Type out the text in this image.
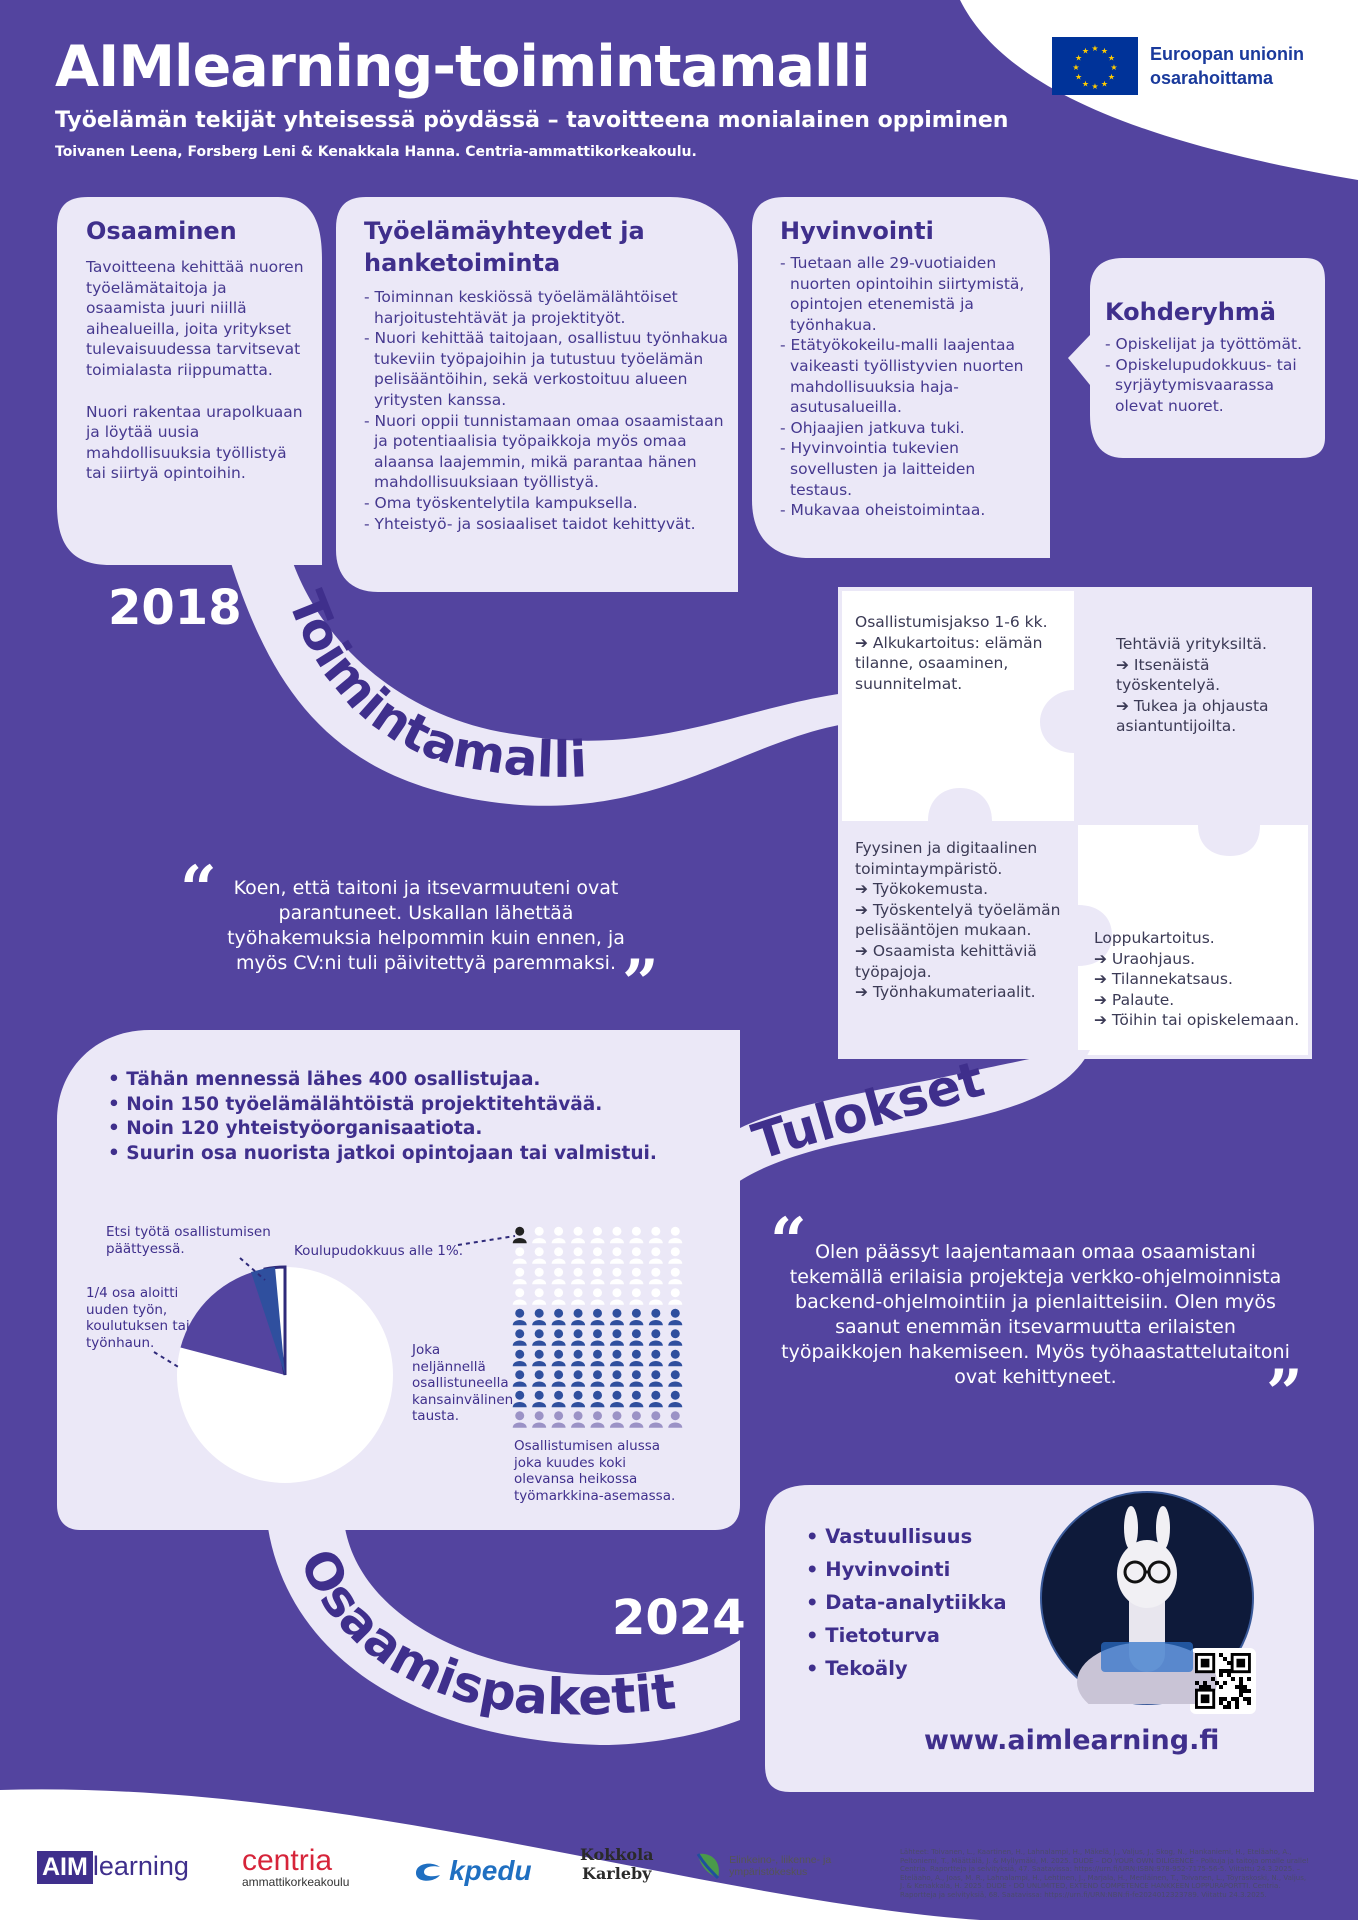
AIMlearning-toimintamalli
Työelämän tekijät yhteisessä pöydässä – tavoitteena monialainen oppiminen
Toivanen Leena, Forsberg Leni & Kenakkala Hanna. Centria-ammattikorkeakoulu.
★ ★
★
★
★
★
★
★
★
★
★
★	Euroopan unionin
osarahoittama
Osaaminen
Tavoitteena kehittää nuoren työelämätaitoja ja osaamista juuri niillä aihealueilla, joita yritykset tulevaisuudessa tarvitsevat toimialasta riippumatta.
Nuori rakentaa urapolkuaan ja löytää uusia mahdollisuuksia työllistyä tai siirtyä opintoihin.
Työelämäyhteydet ja hanketoiminta
- Toiminnan keskiössä työelämälähtöiset harjoitustehtävät ja projektityöt.
- Nuori kehittää taitojaan, osallistuu työnhakua tukeviin työpajoihin ja tutustuu työelämän pelisääntöihin, sekä verkostoituu alueen yritysten kanssa.
- Nuori oppii tunnistamaan omaa osaamistaan ja potentiaalisia työpaikkoja myös omaa alaansa laajemmin, mikä parantaa hänen mahdollisuuksiaan työllistyä.
- Oma työskentelytila kampuksella.
- Yhteistyö- ja sosiaaliset taidot kehittyvät.
Hyvinvointi
- Tuetaan alle 29-vuotiaiden nuorten opintoihin siirtymistä, opintojen etenemistä ja työnhakua.
- Etätyökokeilu-malli laajentaa vaikeasti työllistyvien nuorten mahdollisuuksia haja-asutusalueilla.
- Ohjaajien jatkuva tuki.
- Hyvinvointia tukevien sovellusten ja laitteiden testaus.
- Mukavaa oheistoimintaa.
Kohderyhmä
- Opiskelijat ja työttömät.
- Opiskelupudokkuus- tai syrjäytymisvaarassa olevat nuoret.
2018 Toimintamalli
Tulokset
Osaamispaketit
“ Koen, että taitoni ja itsevarmuuteni ovat parantuneet. Uskallan lähettää työhakemuksia helpommin kuin ennen, ja myös CV:ni tuli päivitettyä paremmaksi. ”
Osallistumisjakso 1-6 kk.
➔ Alkukartoitus: elämän tilanne, osaaminen, suunnitelmat.
Tehtäviä yrityksiltä.
➔ Itsenäistä työskentelyä.
➔ Tukea ja ohjausta asiantuntijoilta.
Fyysinen ja digitaalinen toimintaympäristö.
➔ Työkokemusta.
➔ Työskentelyä työelämän pelisääntöjen mukaan.
➔ Osaamista kehittäviä työpajoja.
➔ Työnhakumateriaalit.
Loppukartoitus.
➔ Uraohjaus.
➔ Tilannekatsaus.
➔ Palaute.
➔ Töihin tai opiskelemaan.
• Tähän mennessä lähes 400 osallistujaa.
• Noin 150 työelämälähtöistä projektitehtävää.
• Noin 120 yhteistyöorganisaatiota.
• Suurin osa nuorista jatkoi opintojaan tai valmistui.
Etsi työtä osallistumisen päättyessä.	Koulupudokkuus alle 1%.
1/4 osa aloitti uuden työn, koulutuksen tai työnhaun.	Joka neljännellä osallistuneella kansainvälinen tausta.
Osallistumisen alussa joka kuudes koki olevansa heikossa työmarkkina-asemassa.
“ Olen päässyt laajentamaan omaa osaamistani tekemällä erilaisia projekteja verkko-ohjelmoinnista backend-ohjelmointiin ja pienlaitteisiin. Olen myös saanut enemmän itsevarmuutta erilaisten työpaikkojen hakemiseen. Myös työhaastattelutaitoni ovat kehittyneet.	”
2024
• Vastuullisuus
• Hyvinvointi
• Data-analytiikka
• Tietoturva
• Tekoäly
www.aimlearning.fi
AIM learning centria
ammattikorkeakoulu	kpedu
Kokkola
Karleby

Elinkeino-, liikenne- ja
ympäristökeskus
Lähteet: Toivanen, L., Kaartinen, H., Lahnalampi, H., Mäkelä, J., Valjus, J., Skog, N., Hankaniemi, H., Eteläaho, A., Peltoniemi, T., Määttälä, J. & Myllymäki, M. 2025. DUDE – DO YOUR OWN DILIGENCE - Polkuja ja taitoja omalle uralle! Centria. Raportteja ja selvityksiä, 47. Saatavissa: https://urn.fi/URN:ISBN:978-952-7175-56-5. Viitattu 24.3.2025. – Eteläaho, A., Joas, M. R., Lahnalampi, H., Lehtinen, J., Marjala, H., Meriläinen, T., Toivanen, L., Töyräskoski, N., Valjus, J. & Kenakkala, H. 2025. DUDE - DO UNLIMITED, EXTEND COMPETENCE HANKKEEN LOPPURAPORTTI. Centria. Raportteja ja selvityksiä, 68. Saatavissa: https://urn.fi/URN:NBN:fi-fe2024012323789. Viitattu 24.3.2025.
